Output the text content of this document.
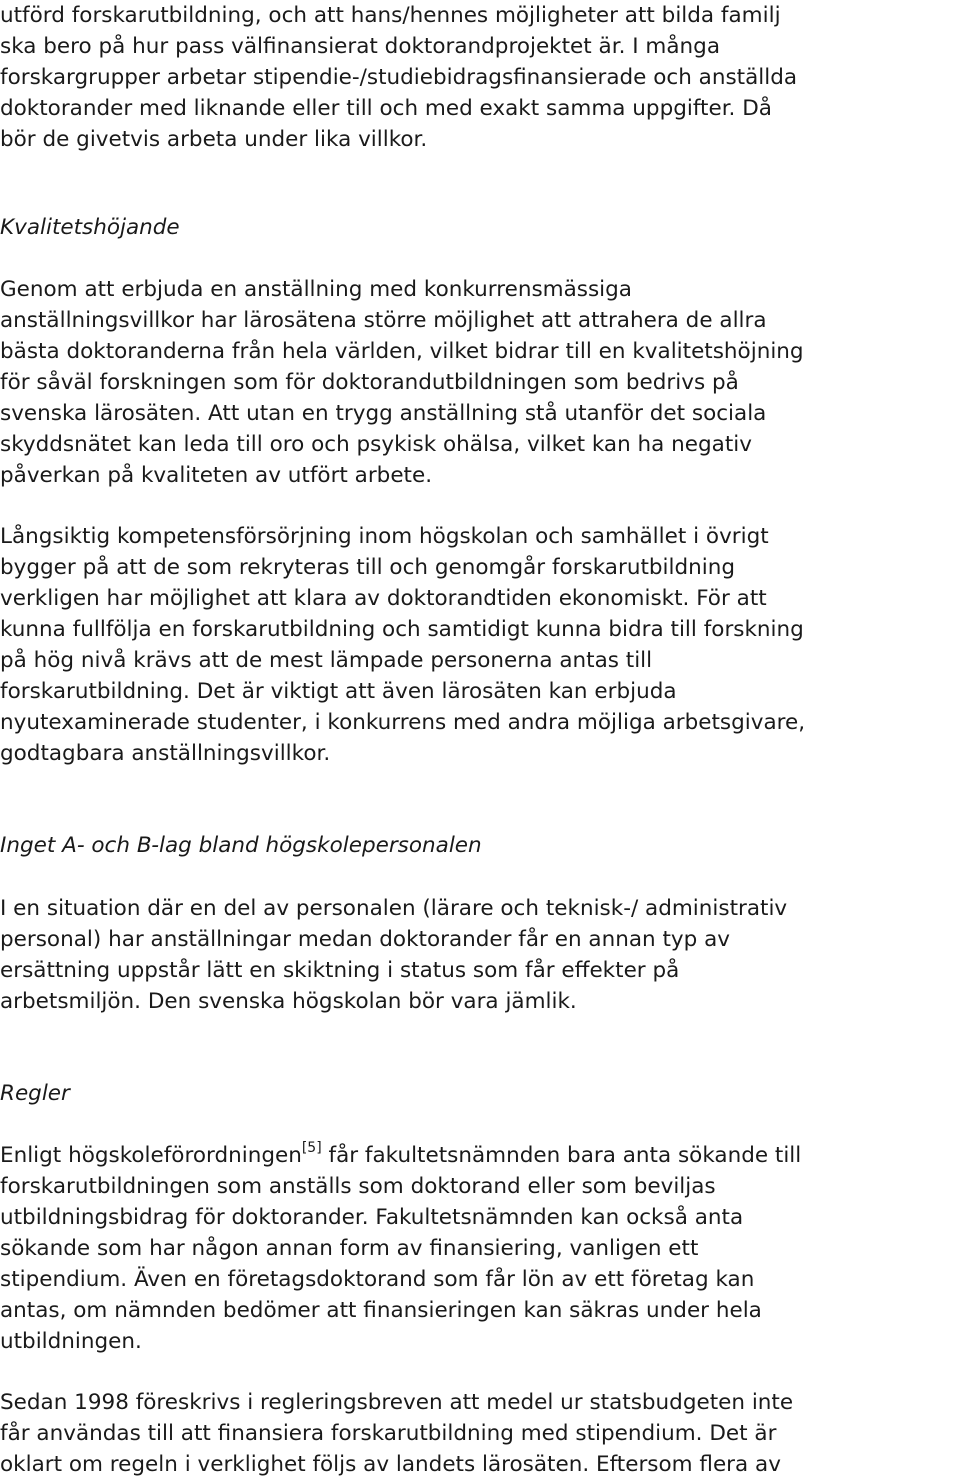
utförd forskarutbildning, och att hans/hennes möjligheter att bilda familj
ska bero på hur pass välfinansierat doktorandprojektet är. I många
forskargrupper arbetar stipendie-/studiebidragsfinansierade och anställda
doktorander med liknande eller till och med exakt samma uppgifter. Då
bör de givetvis arbeta under lika villkor.

Kvalitetshöjande

Genom att erbjuda en anställning med konkurrensmässiga
anställningsvillkor har lärosätena större möjlighet att attrahera de allra
bästa doktoranderna från hela världen, vilket bidrar till en kvalitetshöjning
för såväl forskningen som för doktorandutbildningen som bedrivs på
svenska lärosäten. Att utan en trygg anställning stå utanför det sociala
skyddsnätet kan leda till oro och psykisk ohälsa, vilket kan ha negativ
påverkan på kvaliteten av utfört arbete.

Långsiktig kompetensförsörjning inom högskolan och samhället i övrigt
bygger på att de som rekryteras till och genomgår forskarutbildning
verkligen har möjlighet att klara av doktorandtiden ekonomiskt. För att
kunna fullfölja en forskarutbildning och samtidigt kunna bidra till forskning
på hög nivå krävs att de mest lämpade personerna antas till
forskarutbildning. Det är viktigt att även lärosäten kan erbjuda
nyutexaminerade studenter, i konkurrens med andra möjliga arbetsgivare,
godtagbara anställningsvillkor.

Inget A- och B-lag bland högskolepersonalen

I en situation där en del av personalen (lärare och teknisk-/ administrativ
personal) har anställningar medan doktorander får en annan typ av
ersättning uppstår lätt en skiktning i status som får effekter på
arbetsmiljön. Den svenska högskolan bör vara jämlik.

Regler

Enligt högskoleförordningen[5] får fakultetsnämnden bara anta sökande till
forskarutbildningen som anställs som doktorand eller som beviljas
utbildningsbidrag för doktorander. Fakultetsnämnden kan också anta
sökande som har någon annan form av finansiering, vanligen ett
stipendium. Även en företagsdoktorand som får lön av ett företag kan
antas, om nämnden bedömer att finansieringen kan säkras under hela
utbildningen.

Sedan 1998 föreskrivs i regleringsbreven att medel ur statsbudgeten inte
får användas till att finansiera forskarutbildning med stipendium. Det är
oklart om regeln i verklighet följs av landets lärosäten. Eftersom flera av
